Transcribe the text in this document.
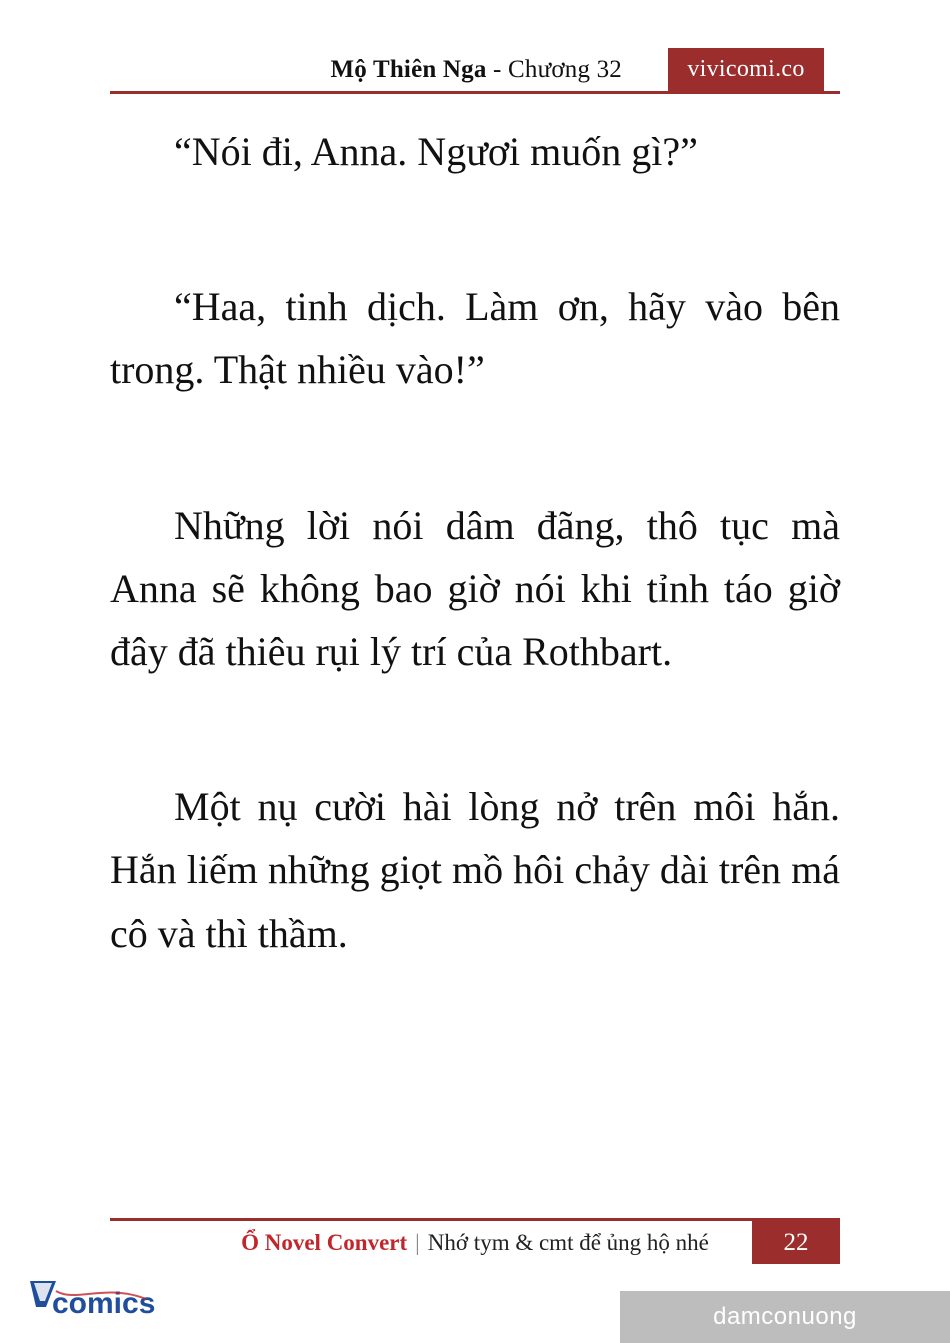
Mộ Thiên Nga - Chương 32	vivicomi.co

“Nói đi, Anna. Ngươi muốn gì?”

“Haa, tinh dịch. Làm ơn, hãy vào bên trong. Thật nhiều vào!”

Những lời nói dâm đãng, thô tục mà Anna sẽ không bao giờ nói khi tỉnh táo giờ đây đã thiêu rụi lý trí của Rothbart.

Một nụ cười hài lòng nở trên môi hắn. Hắn liếm những giọt mồ hôi chảy dài trên má cô và thì thầm.

Ổ Novel Convert | Nhớ tym & cmt để ủng hộ nhé	22
comics	damconuong
